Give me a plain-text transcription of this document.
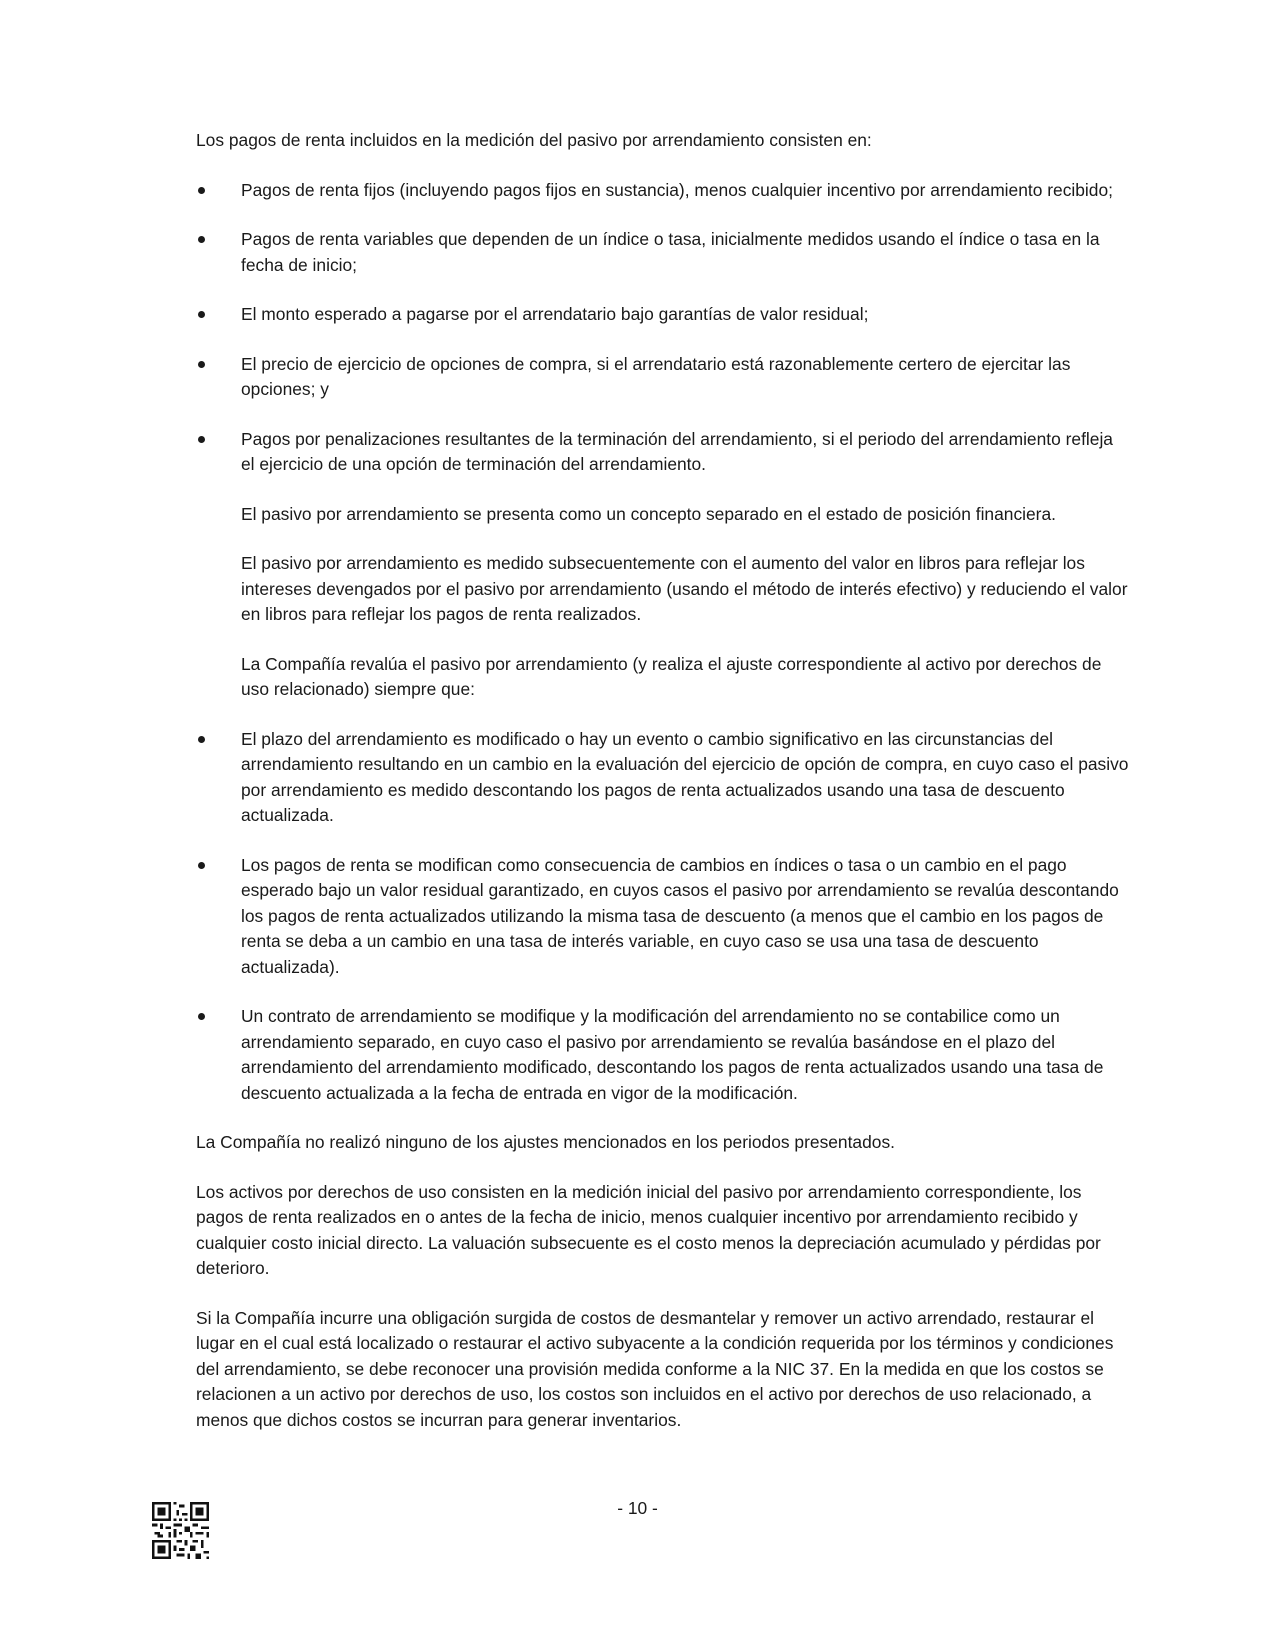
Los pagos de renta incluidos en la medición del pasivo por arrendamiento consisten en:

Pagos de renta fijos (incluyendo pagos fijos en sustancia), menos cualquier incentivo por arrendamiento recibido;
Pagos de renta variables que dependen de un índice o tasa, inicialmente medidos usando el índice o tasa en la fecha de inicio;
El monto esperado a pagarse por el arrendatario bajo garantías de valor residual;
El precio de ejercicio de opciones de compra, si el arrendatario está razonablemente certero de ejercitar las opciones; y
Pagos por penalizaciones resultantes de la terminación del arrendamiento, si el periodo del arrendamiento refleja el ejercicio de una opción de terminación del arrendamiento.

El pasivo por arrendamiento se presenta como un concepto separado en el estado de posición financiera.

El pasivo por arrendamiento es medido subsecuentemente con el aumento del valor en libros para reflejar los intereses devengados por el pasivo por arrendamiento (usando el método de interés efectivo) y reduciendo el valor en libros para reflejar los pagos de renta realizados.

La Compañía revalúa el pasivo por arrendamiento (y realiza el ajuste correspondiente al activo por derechos de uso relacionado) siempre que:

El plazo del arrendamiento es modificado o hay un evento o cambio significativo en las circunstancias del arrendamiento resultando en un cambio en la evaluación del ejercicio de opción de compra, en cuyo caso el pasivo por arrendamiento es medido descontando los pagos de renta actualizados usando una tasa de descuento actualizada.
Los pagos de renta se modifican como consecuencia de cambios en índices o tasa o un cambio en el pago esperado bajo un valor residual garantizado, en cuyos casos el pasivo por arrendamiento se revalúa descontando los pagos de renta actualizados utilizando la misma tasa de descuento (a menos que el cambio en los pagos de renta se deba a un cambio en una tasa de interés variable, en cuyo caso se usa una tasa de descuento actualizada).
Un contrato de arrendamiento se modifique y la modificación del arrendamiento no se contabilice como un arrendamiento separado, en cuyo caso el pasivo por arrendamiento se revalúa basándose en el plazo del arrendamiento del arrendamiento modificado, descontando los pagos de renta actualizados usando una tasa de descuento actualizada a la fecha de entrada en vigor de la modificación.

La Compañía no realizó ninguno de los ajustes mencionados en los periodos presentados.

Los activos por derechos de uso consisten en la medición inicial del pasivo por arrendamiento correspondiente, los pagos de renta realizados en o antes de la fecha de inicio, menos cualquier incentivo por arrendamiento recibido y cualquier costo inicial directo. La valuación subsecuente es el costo menos la depreciación acumulado y pérdidas por deterioro.

Si la Compañía incurre una obligación surgida de costos de desmantelar y remover un activo arrendado, restaurar el lugar en el cual está localizado o restaurar el activo subyacente a la condición requerida por los términos y condiciones del arrendamiento, se debe reconocer una provisión medida conforme a la NIC 37. En la medida en que los costos se relacionen a un activo por derechos de uso, los costos son incluidos en el activo por derechos de uso relacionado, a menos que dichos costos se incurran para generar inventarios.

- 10 -
